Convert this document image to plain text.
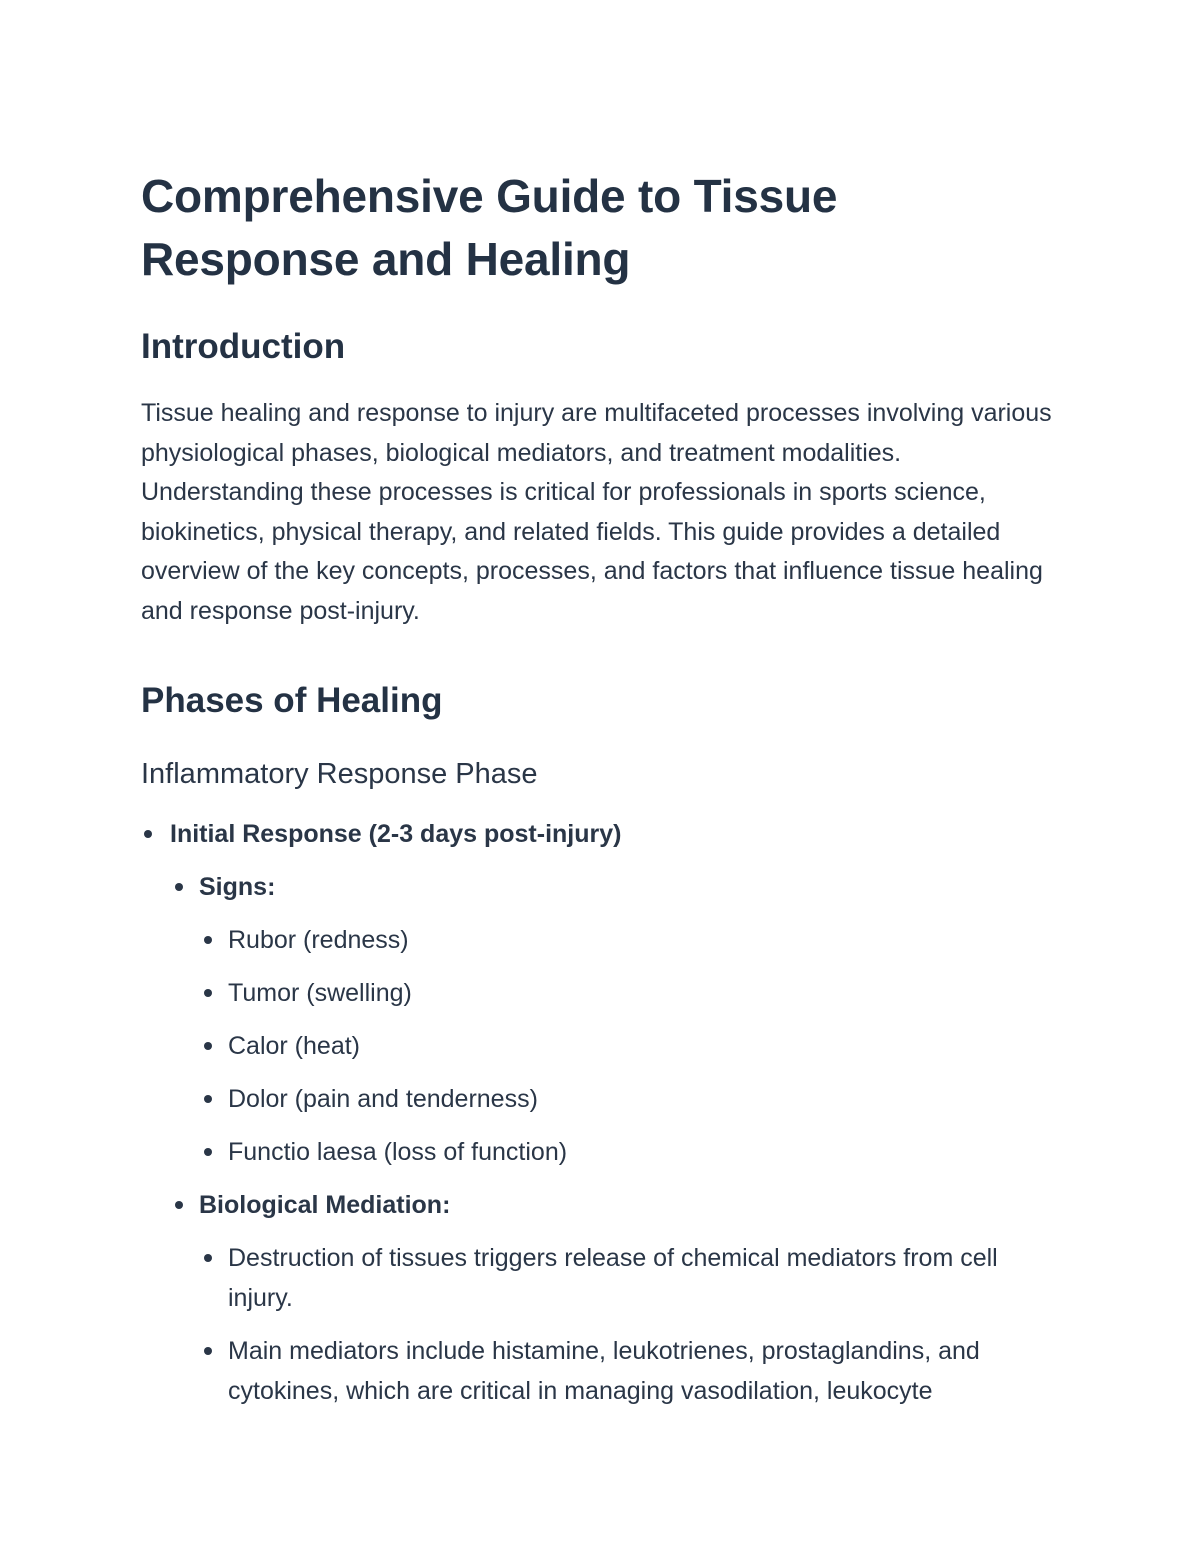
Comprehensive Guide to Tissue Response and Healing
Introduction

Tissue healing and response to injury are multifaceted processes involving various physiological phases, biological mediators, and treatment modalities. Understanding these processes is critical for professionals in sports science, biokinetics, physical therapy, and related fields. This guide provides a detailed overview of the key concepts, processes, and factors that influence tissue healing and response post-injury.

Phases of Healing
Inflammatory Response Phase
Initial Response (2-3 days post-injury)
Signs:
Rubor (redness)
Tumor (swelling)
Calor (heat)
Dolor (pain and tenderness)
Functio laesa (loss of function)
Biological Mediation:
Destruction of tissues triggers release of chemical mediators from cell injury.
Main mediators include histamine, leukotrienes, prostaglandins, and cytokines, which are critical in managing vasodilation, leukocyte
